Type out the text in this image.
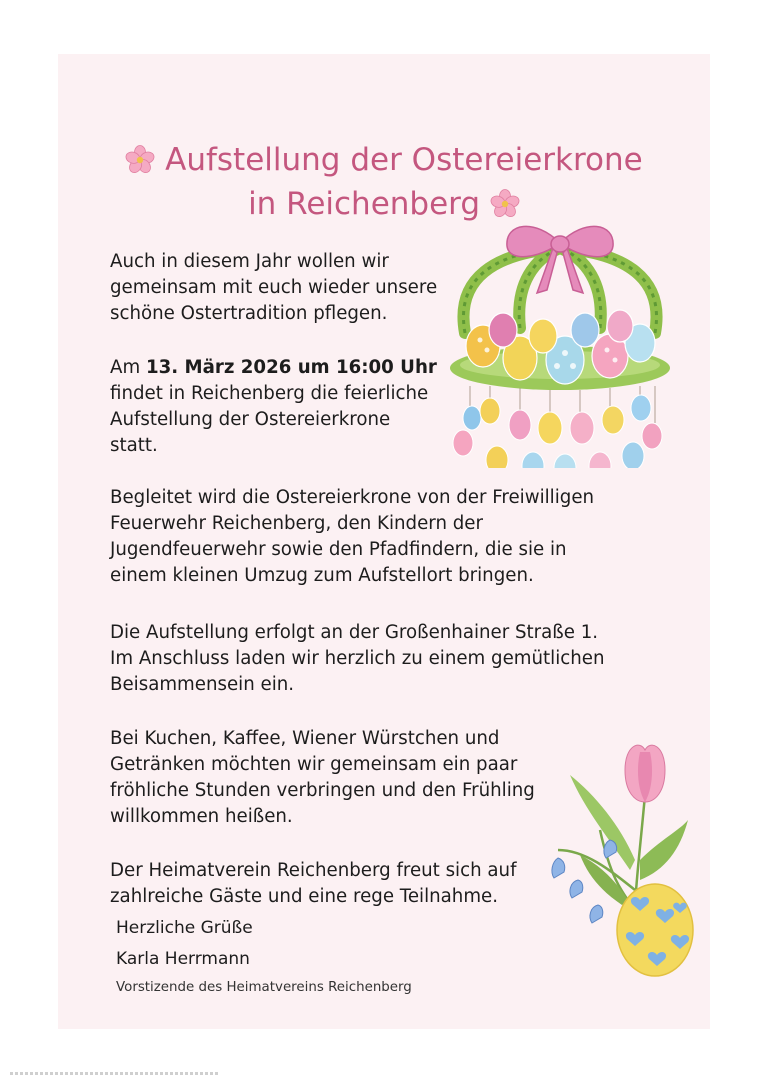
Aufstellung der Ostereierkrone
in Reichenberg

Auch in diesem Jahr wollen wir
gemeinsam mit euch wieder unsere
schöne Ostertradition pflegen.

Am 13. März 2026 um 16:00 Uhr
findet in Reichenberg die feierliche
Aufstellung der Ostereierkrone
statt.

Begleitet wird die Ostereierkrone von der Freiwilligen
Feuerwehr Reichenberg, den Kindern der
Jugendfeuerwehr sowie den Pfadfindern, die sie in
einem kleinen Umzug zum Aufstellort bringen.

Die Aufstellung erfolgt an der Großenhainer Straße 1.
Im Anschluss laden wir herzlich zu einem gemütlichen
Beisammensein ein.

Bei Kuchen, Kaffee, Wiener Würstchen und
Getränken möchten wir gemeinsam ein paar
fröhliche Stunden verbringen und den Frühling
willkommen heißen.

Der Heimatverein Reichenberg freut sich auf
zahlreiche Gäste und eine rege Teilnahme.

Herzliche Grüße
Karla Herrmann
Vorstizende des Heimatvereins Reichenberg
